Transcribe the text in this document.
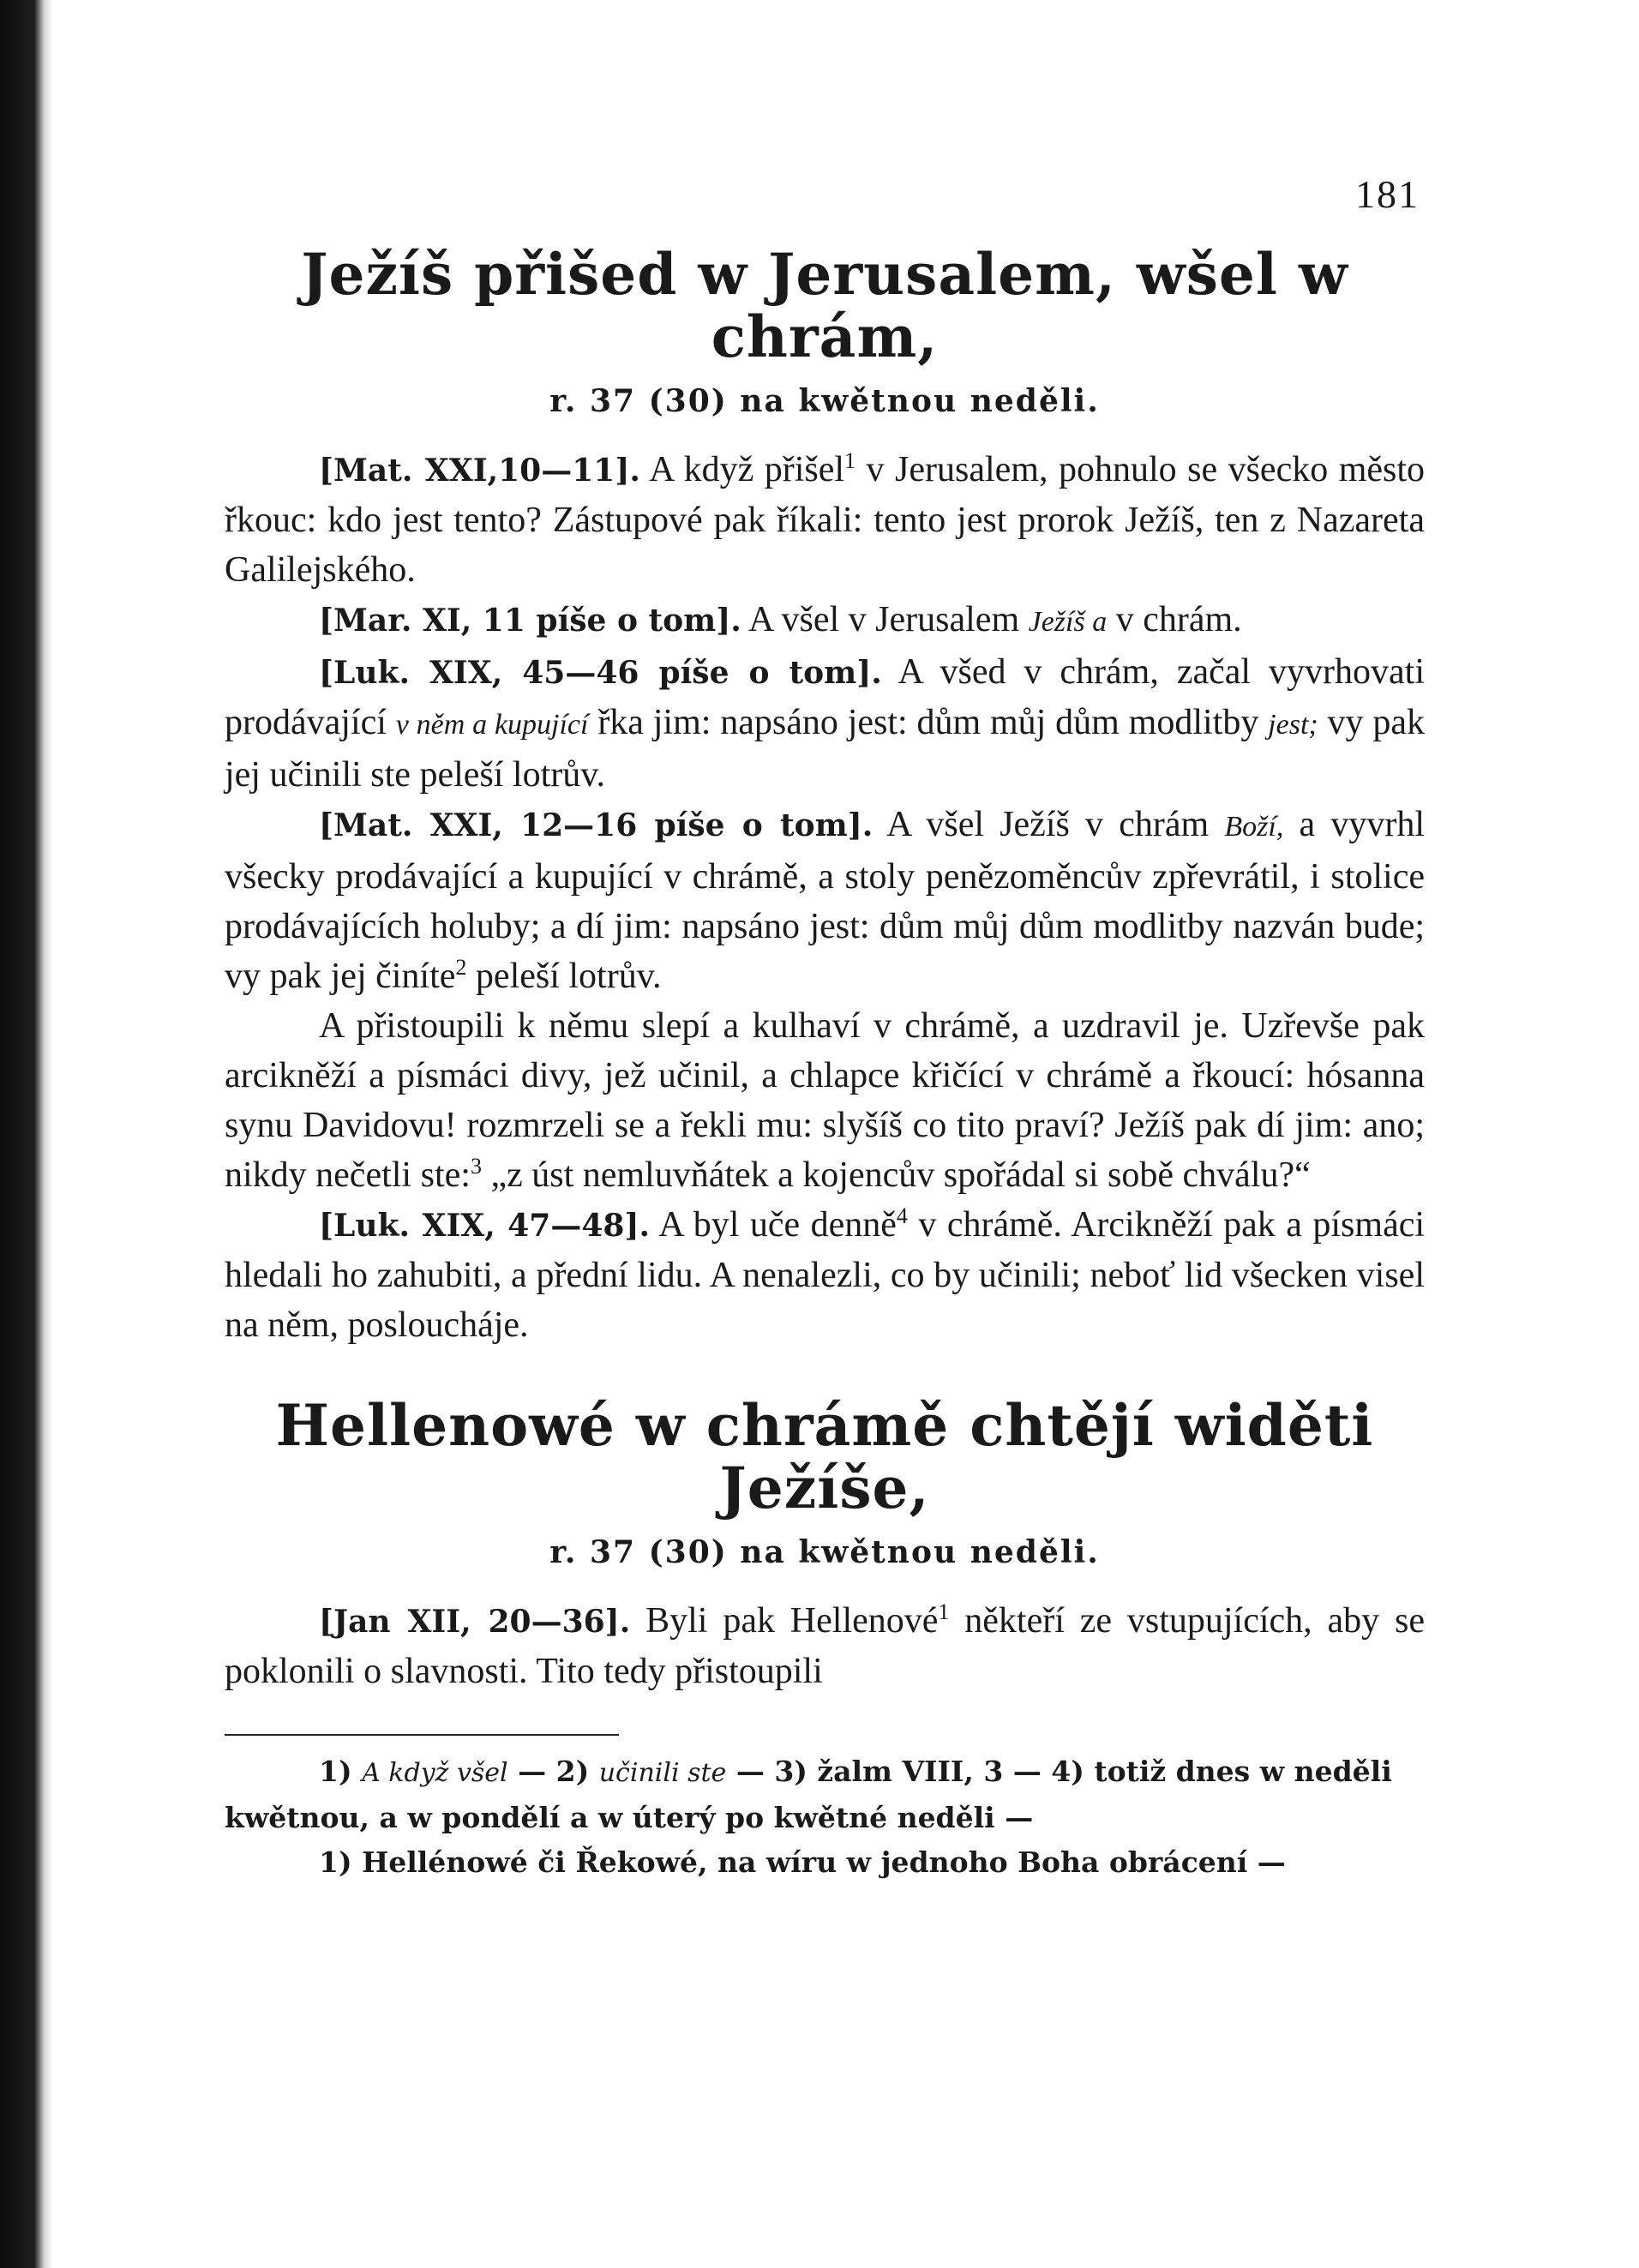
181
Ježíš přišed w Jerusalem, wšel w chrám,
r. 37 (30) na kwětnou neděli.

[Mat. XXI,10—11]. A když přišel$^1$ v Jerusalem, pohnulo se všecko město řkouc: kdo jest tento? Zástupové pak říkali: tento jest prorok Ježíš, ten z Nazareta Galilejského.

[Mar. XI, 11 píše o tom]. A všel v Jerusalem Ježíš a v chrám.

[Luk. XIX, 45—46 píše o tom]. A všed v chrám, začal vyvrhovati prodávající v něm a kupující řka jim: napsáno jest: dům můj dům modlitby jest; vy pak jej učinili ste peleší lotrův.

[Mat. XXI, 12—16 píše o tom]. A všel Ježíš v chrám Boží, a vyvrhl všecky prodávající a kupující v chrámě, a stoly penězoměncův zpřevrátil, i stolice prodávajících holuby; a dí jim: napsáno jest: dům můj dům modlitby nazván bude; vy pak jej činíte$^2$ peleší lotrův.

A přistoupili k němu slepí a kulhaví v chrámě, a uzdravil je. Uzřevše pak arcikněží a písmáci divy, jež učinil, a chlapce křičící v chrámě a řkoucí: hósanna synu Davidovu! rozmrzeli se a řekli mu: slyšíš co tito praví? Ježíš pak dí jim: ano; nikdy nečetli ste:$^3$ „z úst nemluvňátek a kojencův spořádal si sobě chválu?“

[Luk. XIX, 47—48]. A byl uče denně$^4$ v chrámě. Arcikněží pak a písmáci hledali ho zahubiti, a přední lidu. A nenalezli, co by učinili; neboť lid všecken visel na něm, posloucháje.

Hellenowé w chrámě chtějí widěti Ježíše,
r. 37 (30) na kwětnou neděli.

[Jan XII, 20—36]. Byli pak Hellenové$^1$ někteří ze vstupujících, aby se poklonili o slavnosti. Tito tedy přistoupili

1) A když všel — 2) učinili ste — 3) žalm VIII, 3 — 4) totiž dnes w neděli kwětnou, a w pondělí a w úterý po kwětné neděli —

1) Hellénowé či Řekowé, na wíru w jednoho Boha obrácení —
